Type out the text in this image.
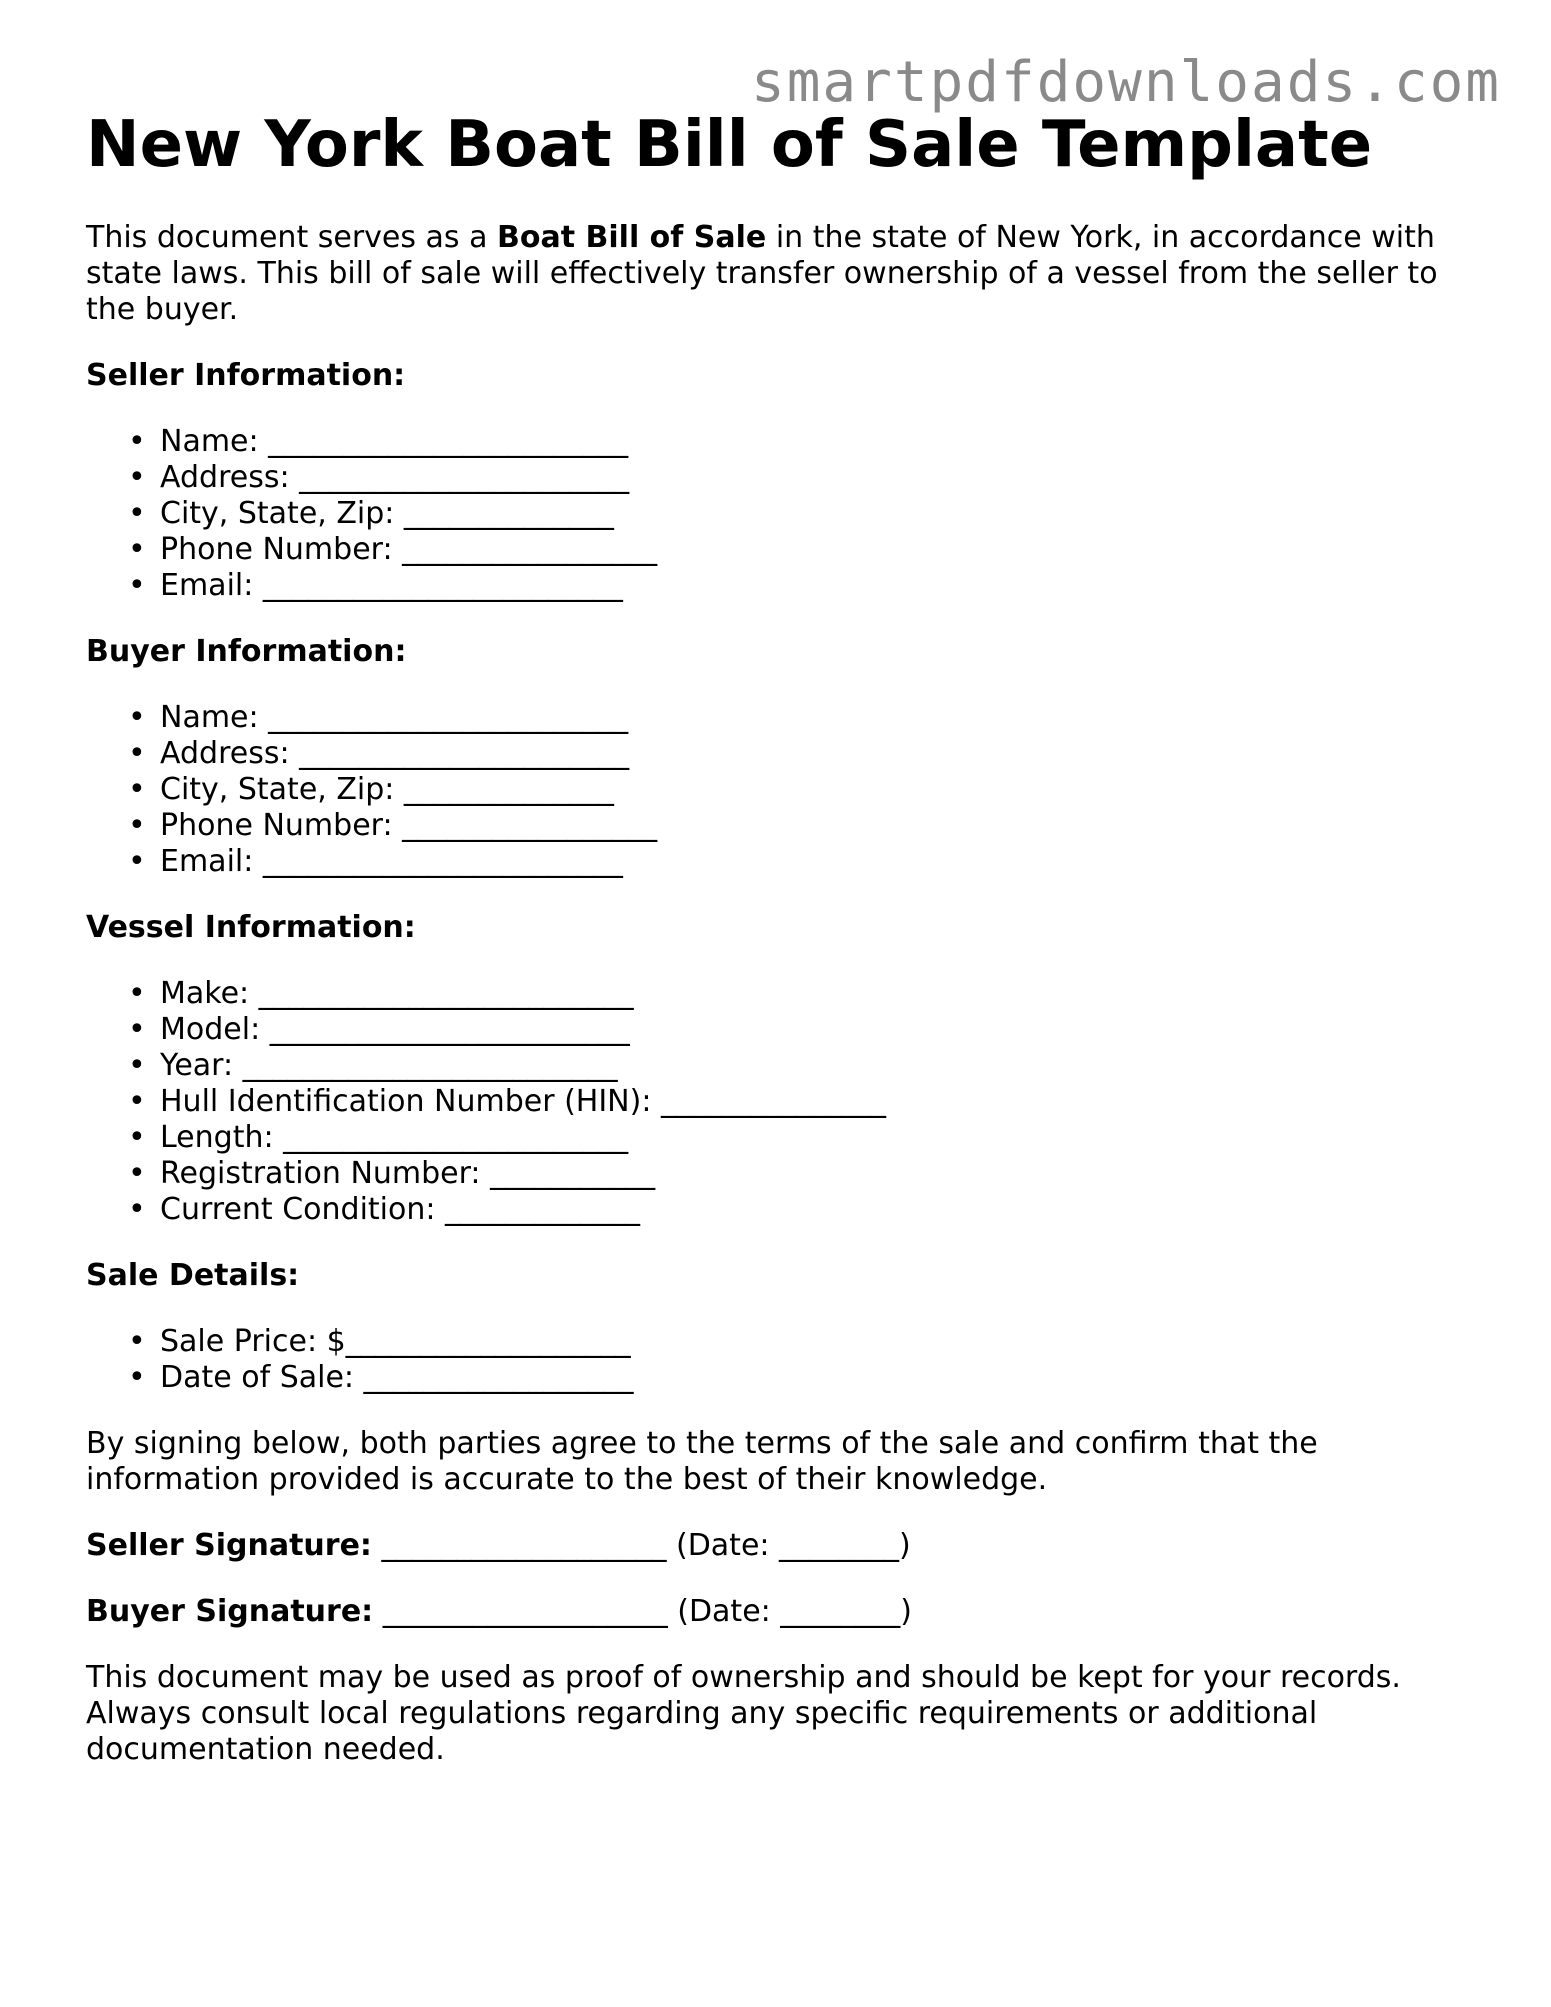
smartpdfdownloads.com
New York Boat Bill of Sale Template

This document serves as a Boat Bill of Sale in the state of New York, in accordance with state laws. This bill of sale will effectively transfer ownership of a vessel from the seller to the buyer.

Seller Information:
• Name: ________________________
• Address: ______________________
• City, State, Zip: ______________
• Phone Number: _________________
• Email: ________________________
Buyer Information:
• Name: ________________________
• Address: ______________________
• City, State, Zip: ______________
• Phone Number: _________________
• Email: ________________________
Vessel Information:
• Make: _________________________
• Model: ________________________
• Year: _________________________
• Hull Identification Number (HIN): _______________
• Length: _______________________
• Registration Number: ___________
• Current Condition: _____________
Sale Details:
• Sale Price: $___________________
• Date of Sale: __________________

By signing below, both parties agree to the terms of the sale and confirm that the information provided is accurate to the best of their knowledge.

Seller Signature: ___________________ (Date: ________)
Buyer Signature: ___________________ (Date: ________)

This document may be used as proof of ownership and should be kept for your records. Always consult local regulations regarding any specific requirements or additional documentation needed.
